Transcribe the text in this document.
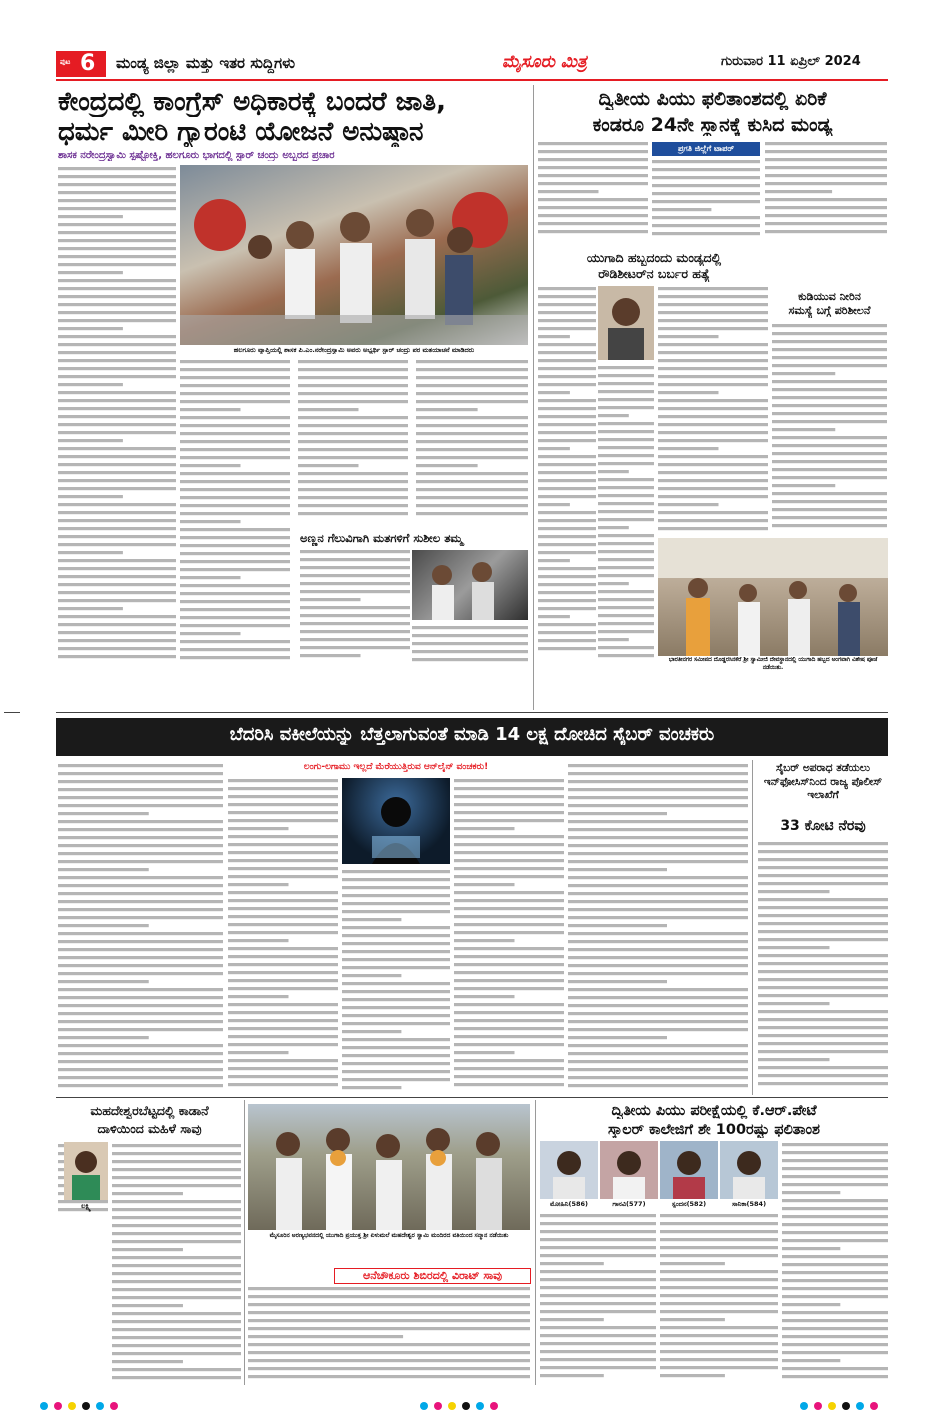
ಪುಟ 6 ಮಂಡ್ಯ ಜಿಲ್ಲಾ ಮತ್ತು ಇತರ ಸುದ್ದಿಗಳು	ಮೈಸೂರು ಮಿತ್ರ	ಗುರುವಾರ 11 ಏಪ್ರಿಲ್ 2024
ಕೇಂದ್ರದಲ್ಲಿ ಕಾಂಗ್ರೆಸ್ ಅಧಿಕಾರಕ್ಕೆ ಬಂದರೆ ಜಾತಿ,
ಧರ್ಮ ಮೀರಿ ಗ್ಯಾರಂಟಿ ಯೋಜನೆ ಅನುಷ್ಠಾನ
ಶಾಸಕ ನರೇಂದ್ರಸ್ವಾಮಿ ಸ್ಪಷ್ಟೋಕ್ತಿ, ಹಲಗೂರು ಭಾಗದಲ್ಲಿ ಸ್ಟಾರ್ ಚಂದ್ರು ಅಬ್ಬರದ ಪ್ರಚಾರ
ಹಲಗೂರು ವ್ಯಾಪ್ತಿಯಲ್ಲಿ ಶಾಸಕ ಪಿ.ಎಂ.ನರೇಂದ್ರಸ್ವಾಮಿ ಅವರು ಅಭ್ಯರ್ಥಿ ಸ್ಟಾರ್ ಚಂದ್ರು ಪರ ಮತಯಾಚನೆ ಮಾಡಿದರು
ಅಣ್ಣನ ಗೆಲುವಿಗಾಗಿ ಮತಗಳಿಗೆ ಸುಶೀಲ ತಮ್ಮ
ದ್ವಿತೀಯ ಪಿಯು ಫಲಿತಾಂಶದಲ್ಲಿ ಏರಿಕೆ
ಕಂಡರೂ 24ನೇ ಸ್ಥಾನಕ್ಕೆ ಕುಸಿದ ಮಂಡ್ಯ
ಪ್ರಗತಿ ಜಿಲ್ಲೆಗೆ ಟಾಪರ್
ಯುಗಾದಿ ಹಬ್ಬದಂದು ಮಂಡ್ಯದಲ್ಲಿ
ರೌಡಿಶೀಟರ್‌ನ ಬರ್ಬರ ಹತ್ಯೆ
ಭಾರತೀನಗರ ಸಮೀಪದ ದೊಡ್ಡರಸಿನಕೆರೆ ಶ್ರೀ ಸ್ವಾಮೀಜಿ ದೇವಸ್ಥಾನದಲ್ಲಿ ಯುಗಾದಿ ಹಬ್ಬದ ಅಂಗವಾಗಿ ವಿಶೇಷ ಪೂಜೆ ನಡೆಯಿತು.
ಕುಡಿಯುವ ನೀರಿನ
ಸಮಸ್ಯೆ ಬಗ್ಗೆ ಪರಿಶೀಲನೆ
ಬೆದರಿಸಿ ವಕೀಲೆಯನ್ನು ಬೆತ್ತಲಾಗುವಂತೆ ಮಾಡಿ 14 ಲಕ್ಷ ದೋಚಿದ ಸೈಬರ್ ವಂಚಕರು
ಲಂಗು-ಲಗಾಮು ಇಲ್ಲದೆ ಮೆರೆಯುತ್ತಿರುವ ಆನ್‌ಲೈನ್ ವಂಚಕರು!	ಸೈಬರ್ ಅಪರಾಧ ತಡೆಯಲು ಇನ್‌ಫೋಸಿಸ್‌ನಿಂದ ರಾಜ್ಯ ಪೊಲೀಸ್ ಇಲಾಖೆಗೆ
33 ಕೋಟಿ ನೆರವು
ಮಹದೇಶ್ವರಬೆಟ್ಟದಲ್ಲಿ ಕಾಡಾನೆ
ದಾಳಿಯಿಂದ ಮಹಿಳೆ ಸಾವು
ಲಕ್ಷ್ಮಿ
ಮೈಸೂರಿನ ಅರಣ್ಯಭವನದಲ್ಲಿ ಯುಗಾದಿ ಪ್ರಯುಕ್ತ ಶ್ರೀ ಏಳುಮಲೆ ಮಹದೇಶ್ವರ ಸ್ವಾಮಿ ಮಂದಿರದ ವತಿಯಿಂದ ಸನ್ಮಾನ ನಡೆಯಿತು
ಆನೆಚೌಕೂರು ಶಿಬಿರದಲ್ಲಿ ವಿರಾಟ್ ಸಾವು
ದ್ವಿತೀಯ ಪಿಯು ಪರೀಕ್ಷೆಯಲ್ಲಿ ಕೆ.ಆರ್.ಪೇಟೆ
ಸ್ಕಾಲರ್ ಕಾಲೇಜಿಗೆ ಶೇ 100ರಷ್ಟು ಫಲಿತಾಂಶ
ಮೋಹಿನಿ(586)	ಗಾನವಿ(577)	ಸ್ಪಂದನ(582)	ಸಾನಿಕಾ(584)
